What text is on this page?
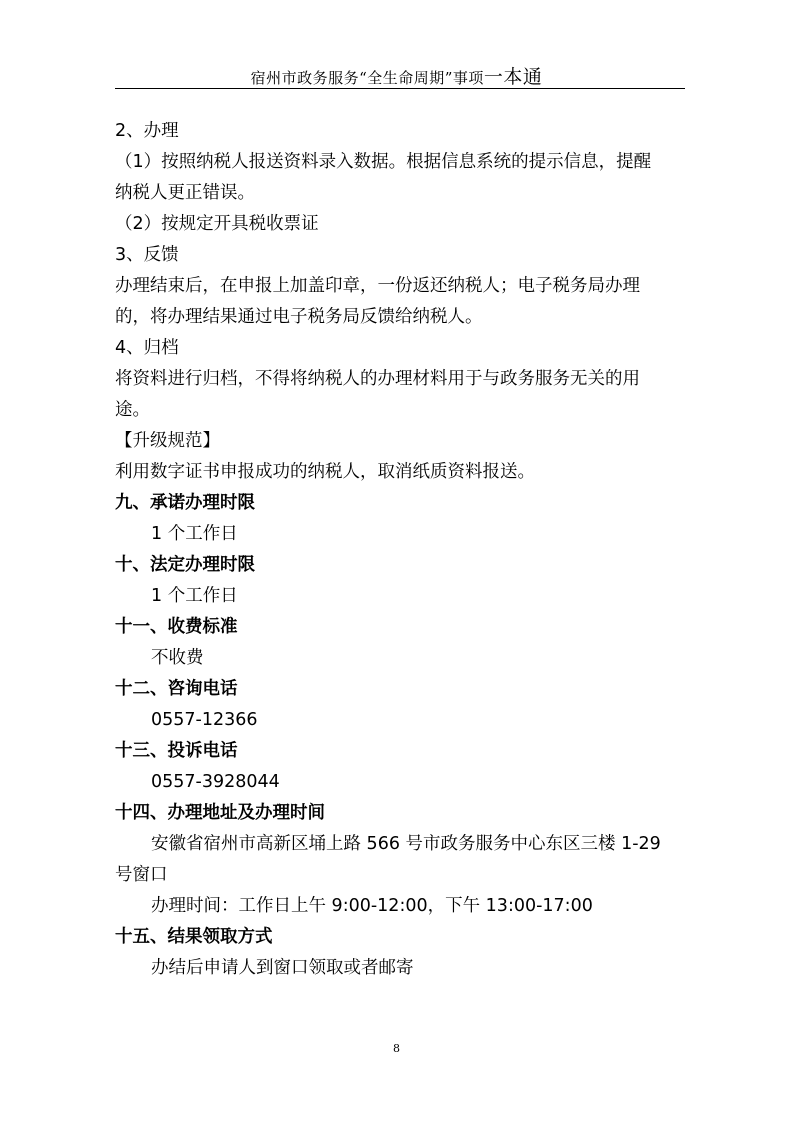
宿州市政务服务“全生命周期”事项一本通
2、办理
（1）按照纳税人报送资料录入数据。根据信息系统的提示信息，提醒
纳税人更正错误。
（2）按规定开具税收票证
3、反馈
办理结束后，在申报上加盖印章，一份返还纳税人；电子税务局办理
的，将办理结果通过电子税务局反馈给纳税人。
4、归档
将资料进行归档，不得将纳税人的办理材料用于与政务服务无关的用
途。
【升级规范】
利用数字证书申报成功的纳税人，取消纸质资料报送。
九、承诺办理时限
1 个工作日
十、法定办理时限
1 个工作日
十一、收费标准
不收费
十二、咨询电话
0557-12366
十三、投诉电话
0557-3928044
十四、办理地址及办理时间
安徽省宿州市高新区埇上路 566 号市政务服务中心东区三楼 1-29
号窗口
办理时间：工作日上午 9:00-12:00，下午 13:00-17:00
十五、结果领取方式
办结后申请人到窗口领取或者邮寄
8
